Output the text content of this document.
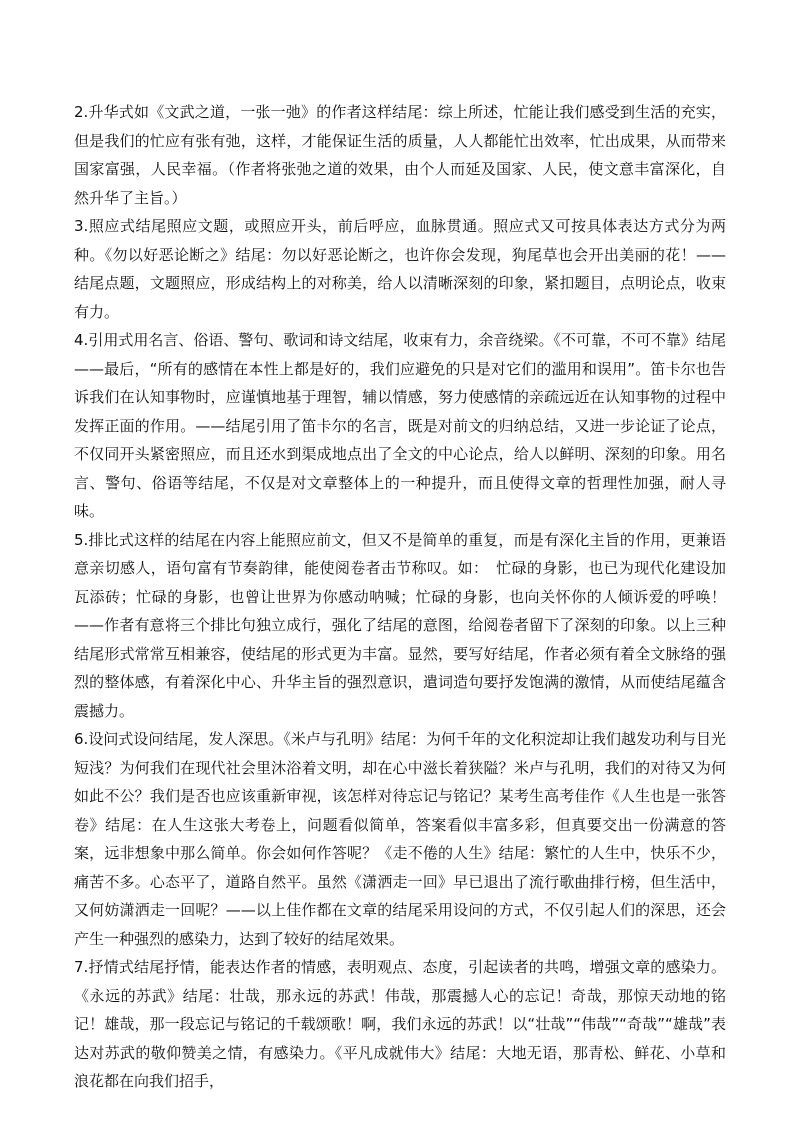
2.升华式如《文武之道，一张一弛》的作者这样结尾：综上所述，忙能让我们感受到生活的充实，但是我们的忙应有张有弛，这样，才能保证生活的质量，人人都能忙出效率，忙出成果，从而带来国家富强，人民幸福。（作者将张弛之道的效果，由个人而延及国家、人民，使文意丰富深化，自然升华了主旨。）

3.照应式结尾照应文题，或照应开头，前后呼应，血脉贯通。照应式又可按具体表达方式分为两种。《勿以好恶论断之》结尾：勿以好恶论断之，也许你会发现，狗尾草也会开出美丽的花！——结尾点题，文题照应，形成结构上的对称美，给人以清晰深刻的印象，紧扣题目，点明论点，收束有力。

4.引用式用名言、俗语、警句、歌词和诗文结尾，收束有力，余音绕梁。《不可靠，不可不靠》结尾——最后，“所有的感情在本性上都是好的，我们应避免的只是对它们的滥用和误用”。笛卡尔也告诉我们在认知事物时，应谨慎地基于理智，辅以情感，努力使感情的亲疏远近在认知事物的过程中发挥正面的作用。——结尾引用了笛卡尔的名言，既是对前文的归纳总结，又进一步论证了论点，不仅同开头紧密照应，而且还水到渠成地点出了全文的中心论点，给人以鲜明、深刻的印象。用名言、警句、俗语等结尾，不仅是对文章整体上的一种提升，而且使得文章的哲理性加强，耐人寻味。

5.排比式这样的结尾在内容上能照应前文，但又不是简单的重复，而是有深化主旨的作用，更兼语意亲切感人，语句富有节奏韵律，能使阅卷者击节称叹。如：　忙碌的身影，也已为现代化建设加瓦添砖；忙碌的身影，也曾让世界为你感动呐喊；忙碌的身影，也向关怀你的人倾诉爱的呼唤！——作者有意将三个排比句独立成行，强化了结尾的意图，给阅卷者留下了深刻的印象。以上三种结尾形式常常互相兼容，使结尾的形式更为丰富。显然，要写好结尾，作者必须有着全文脉络的强烈的整体感，有着深化中心、升华主旨的强烈意识，遣词造句要抒发饱满的激情，从而使结尾蕴含震撼力。

6.设问式设问结尾，发人深思。《米卢与孔明》结尾：为何千年的文化积淀却让我们越发功利与目光短浅？为何我们在现代社会里沐浴着文明，却在心中滋长着狭隘？米卢与孔明，我们的对待又为何如此不公？我们是否也应该重新审视，该怎样对待忘记与铭记？某考生高考佳作《人生也是一张答卷》结尾：在人生这张大考卷上，问题看似简单，答案看似丰富多彩，但真要交出一份满意的答案，远非想象中那么简单。你会如何作答呢？《走不倦的人生》结尾：繁忙的人生中，快乐不少，痛苦不多。心态平了，道路自然平。虽然《潇洒走一回》早已退出了流行歌曲排行榜，但生活中，又何妨潇洒走一回呢？——以上佳作都在文章的结尾采用设问的方式，不仅引起人们的深思，还会产生一种强烈的感染力，达到了较好的结尾效果。

7.抒情式结尾抒情，能表达作者的情感，表明观点、态度，引起读者的共鸣，增强文章的感染力。《永远的苏武》结尾：壮哉，那永远的苏武！伟哉，那震撼人心的忘记！奇哉，那惊天动地的铭记！雄哉，那一段忘记与铭记的千载颂歌！啊，我们永远的苏武！以“壮哉”“伟哉”“奇哉”“雄哉”表达对苏武的敬仰赞美之情，有感染力。《平凡成就伟大》结尾：大地无语，那青松、鲜花、小草和浪花都在向我们招手，
